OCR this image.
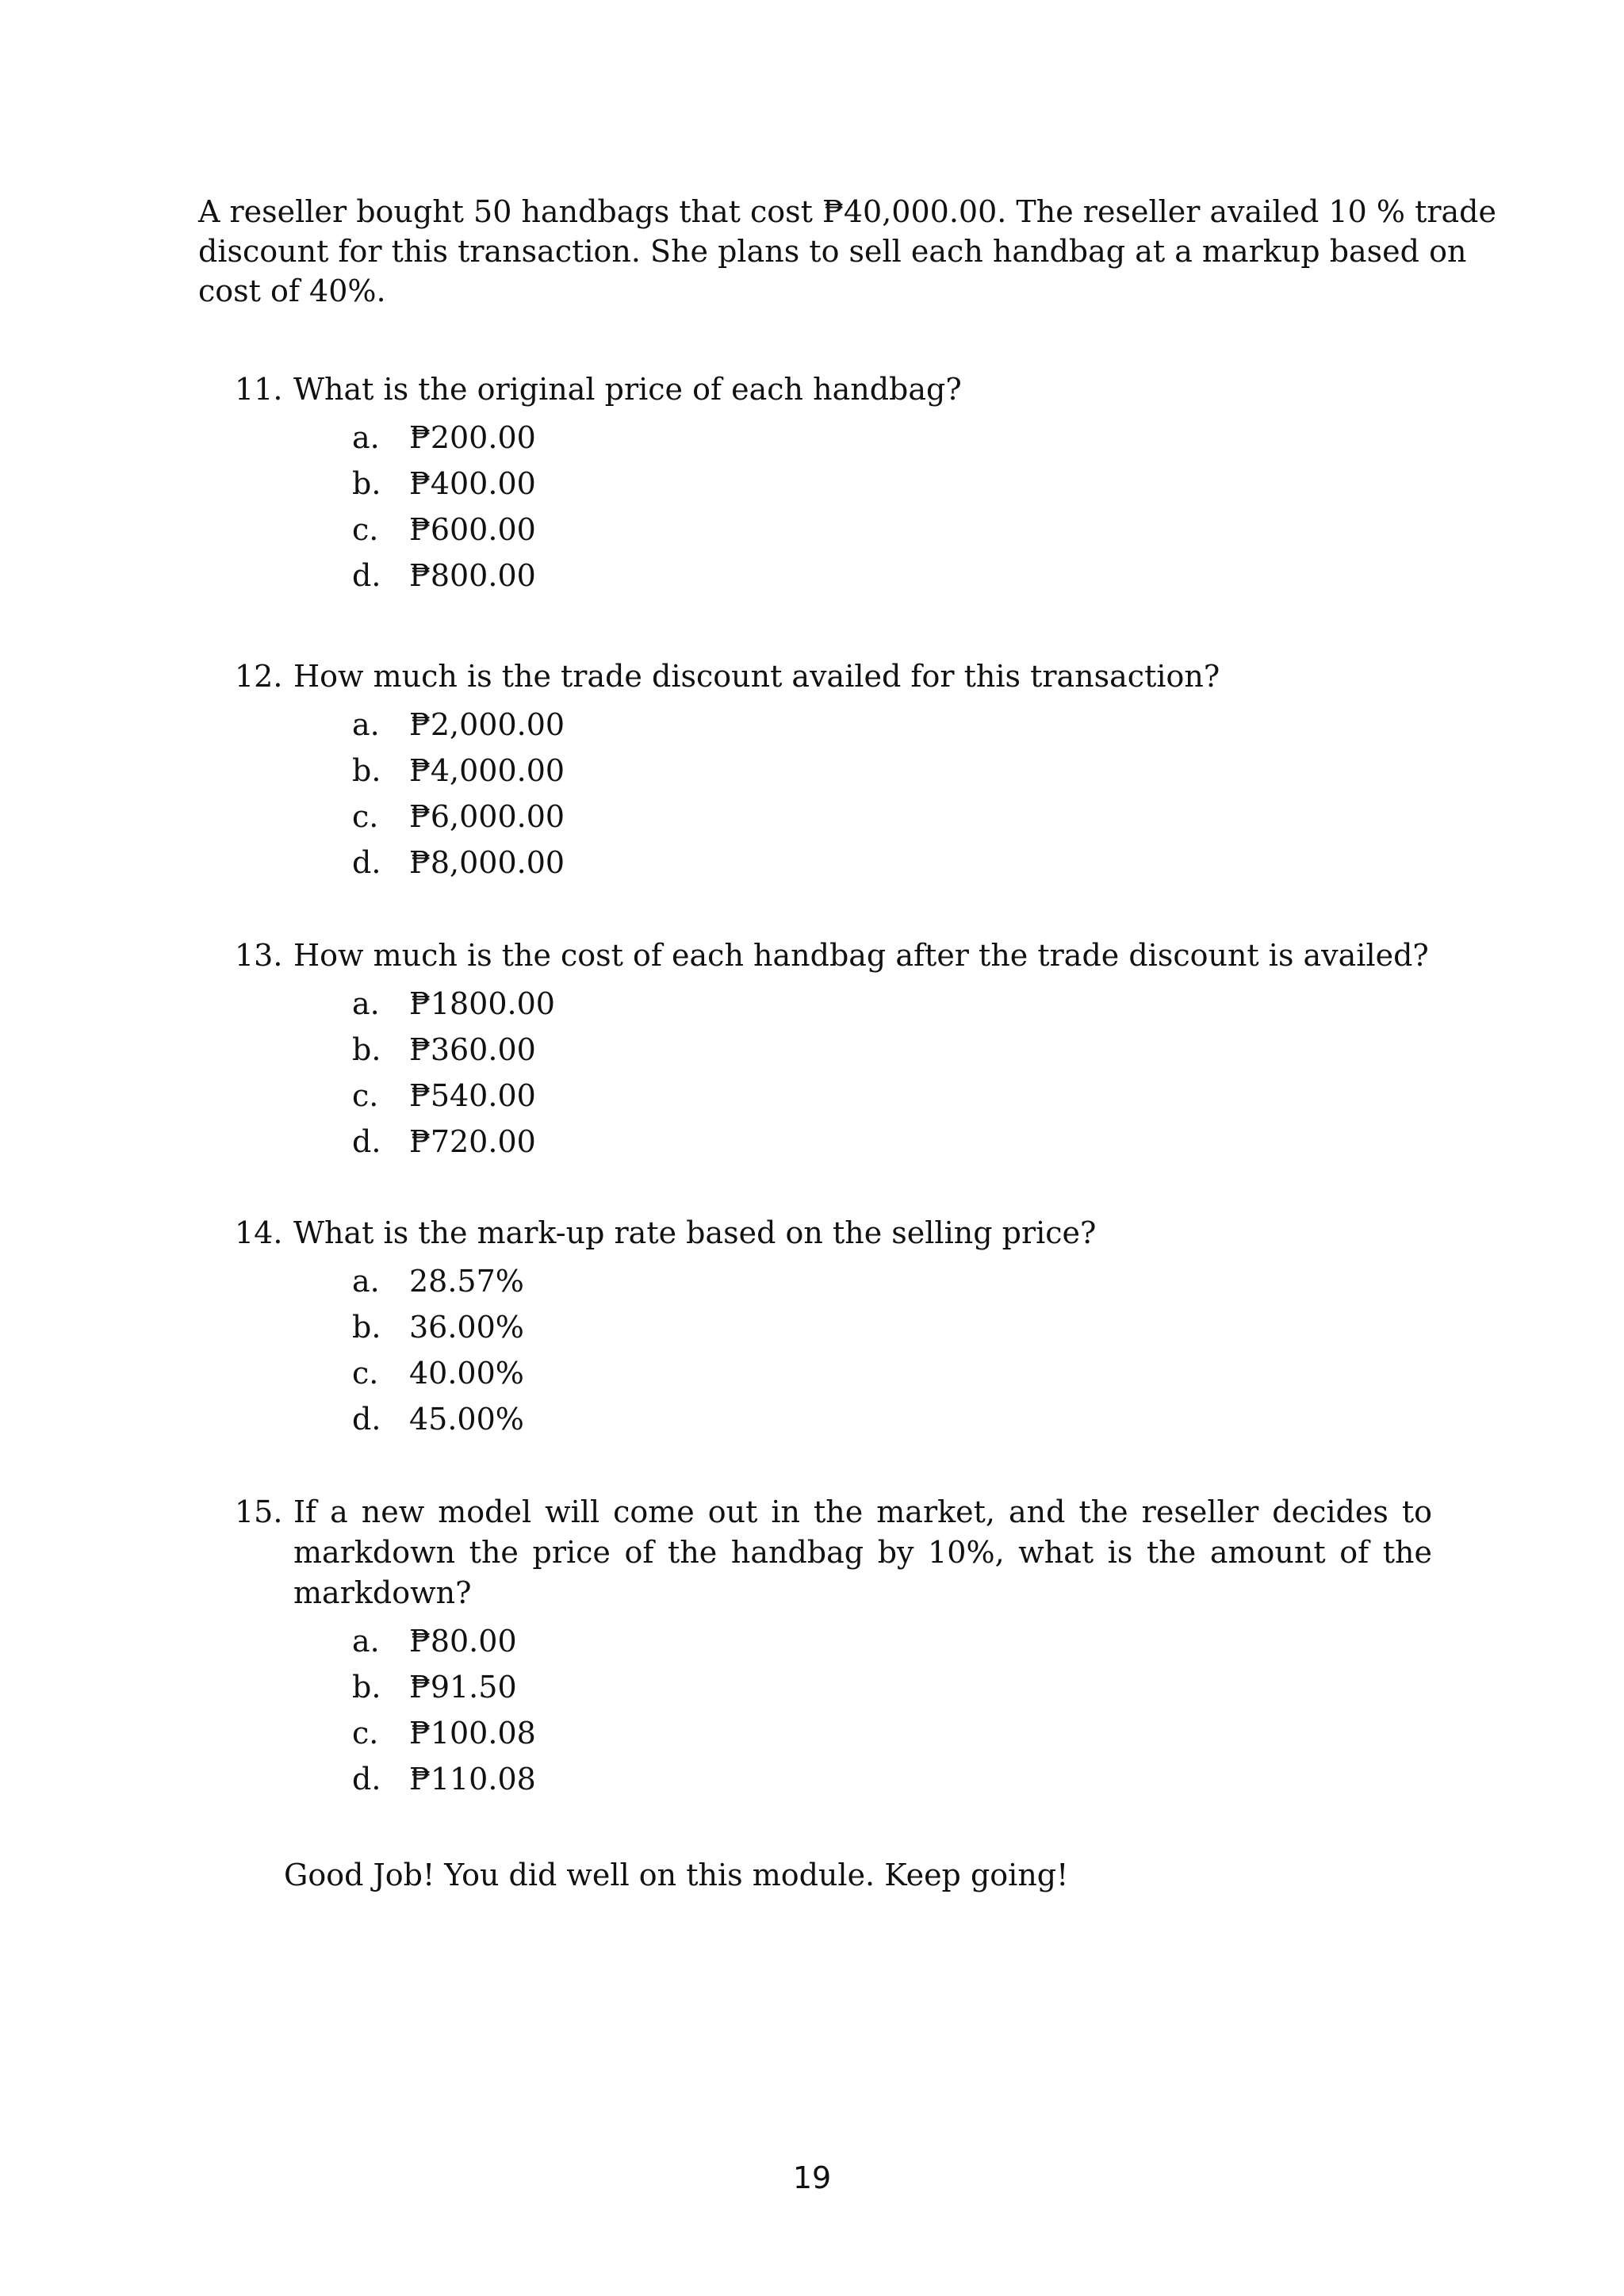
A reseller bought 50 handbags that cost ₱40,000.00. The reseller availed 10 % trade
discount for this transaction. She plans to sell each handbag at a markup based on
cost of 40%.

11. What is the original price of each handbag?

a. ₱200.00
b. ₱400.00
c. ₱600.00
d. ₱800.00

12. How much is the trade discount availed for this transaction?

a. ₱2,000.00
b. ₱4,000.00
c. ₱6,000.00
d. ₱8,000.00

13. How much is the cost of each handbag after the trade discount is availed?

a. ₱1800.00
b. ₱360.00
c. ₱540.00
d. ₱720.00

14. What is the mark-up rate based on the selling price?

a. 28.57%
b. 36.00%
c. 40.00%
d. 45.00%

15. If a new model will come out in the market, and the reseller decides to
markdown the price of the handbag by 10%, what is the amount of the
markdown?

a. ₱80.00
b. ₱91.50
c. ₱100.08
d. ₱110.08

Good Job! You did well on this module. Keep going!

19
